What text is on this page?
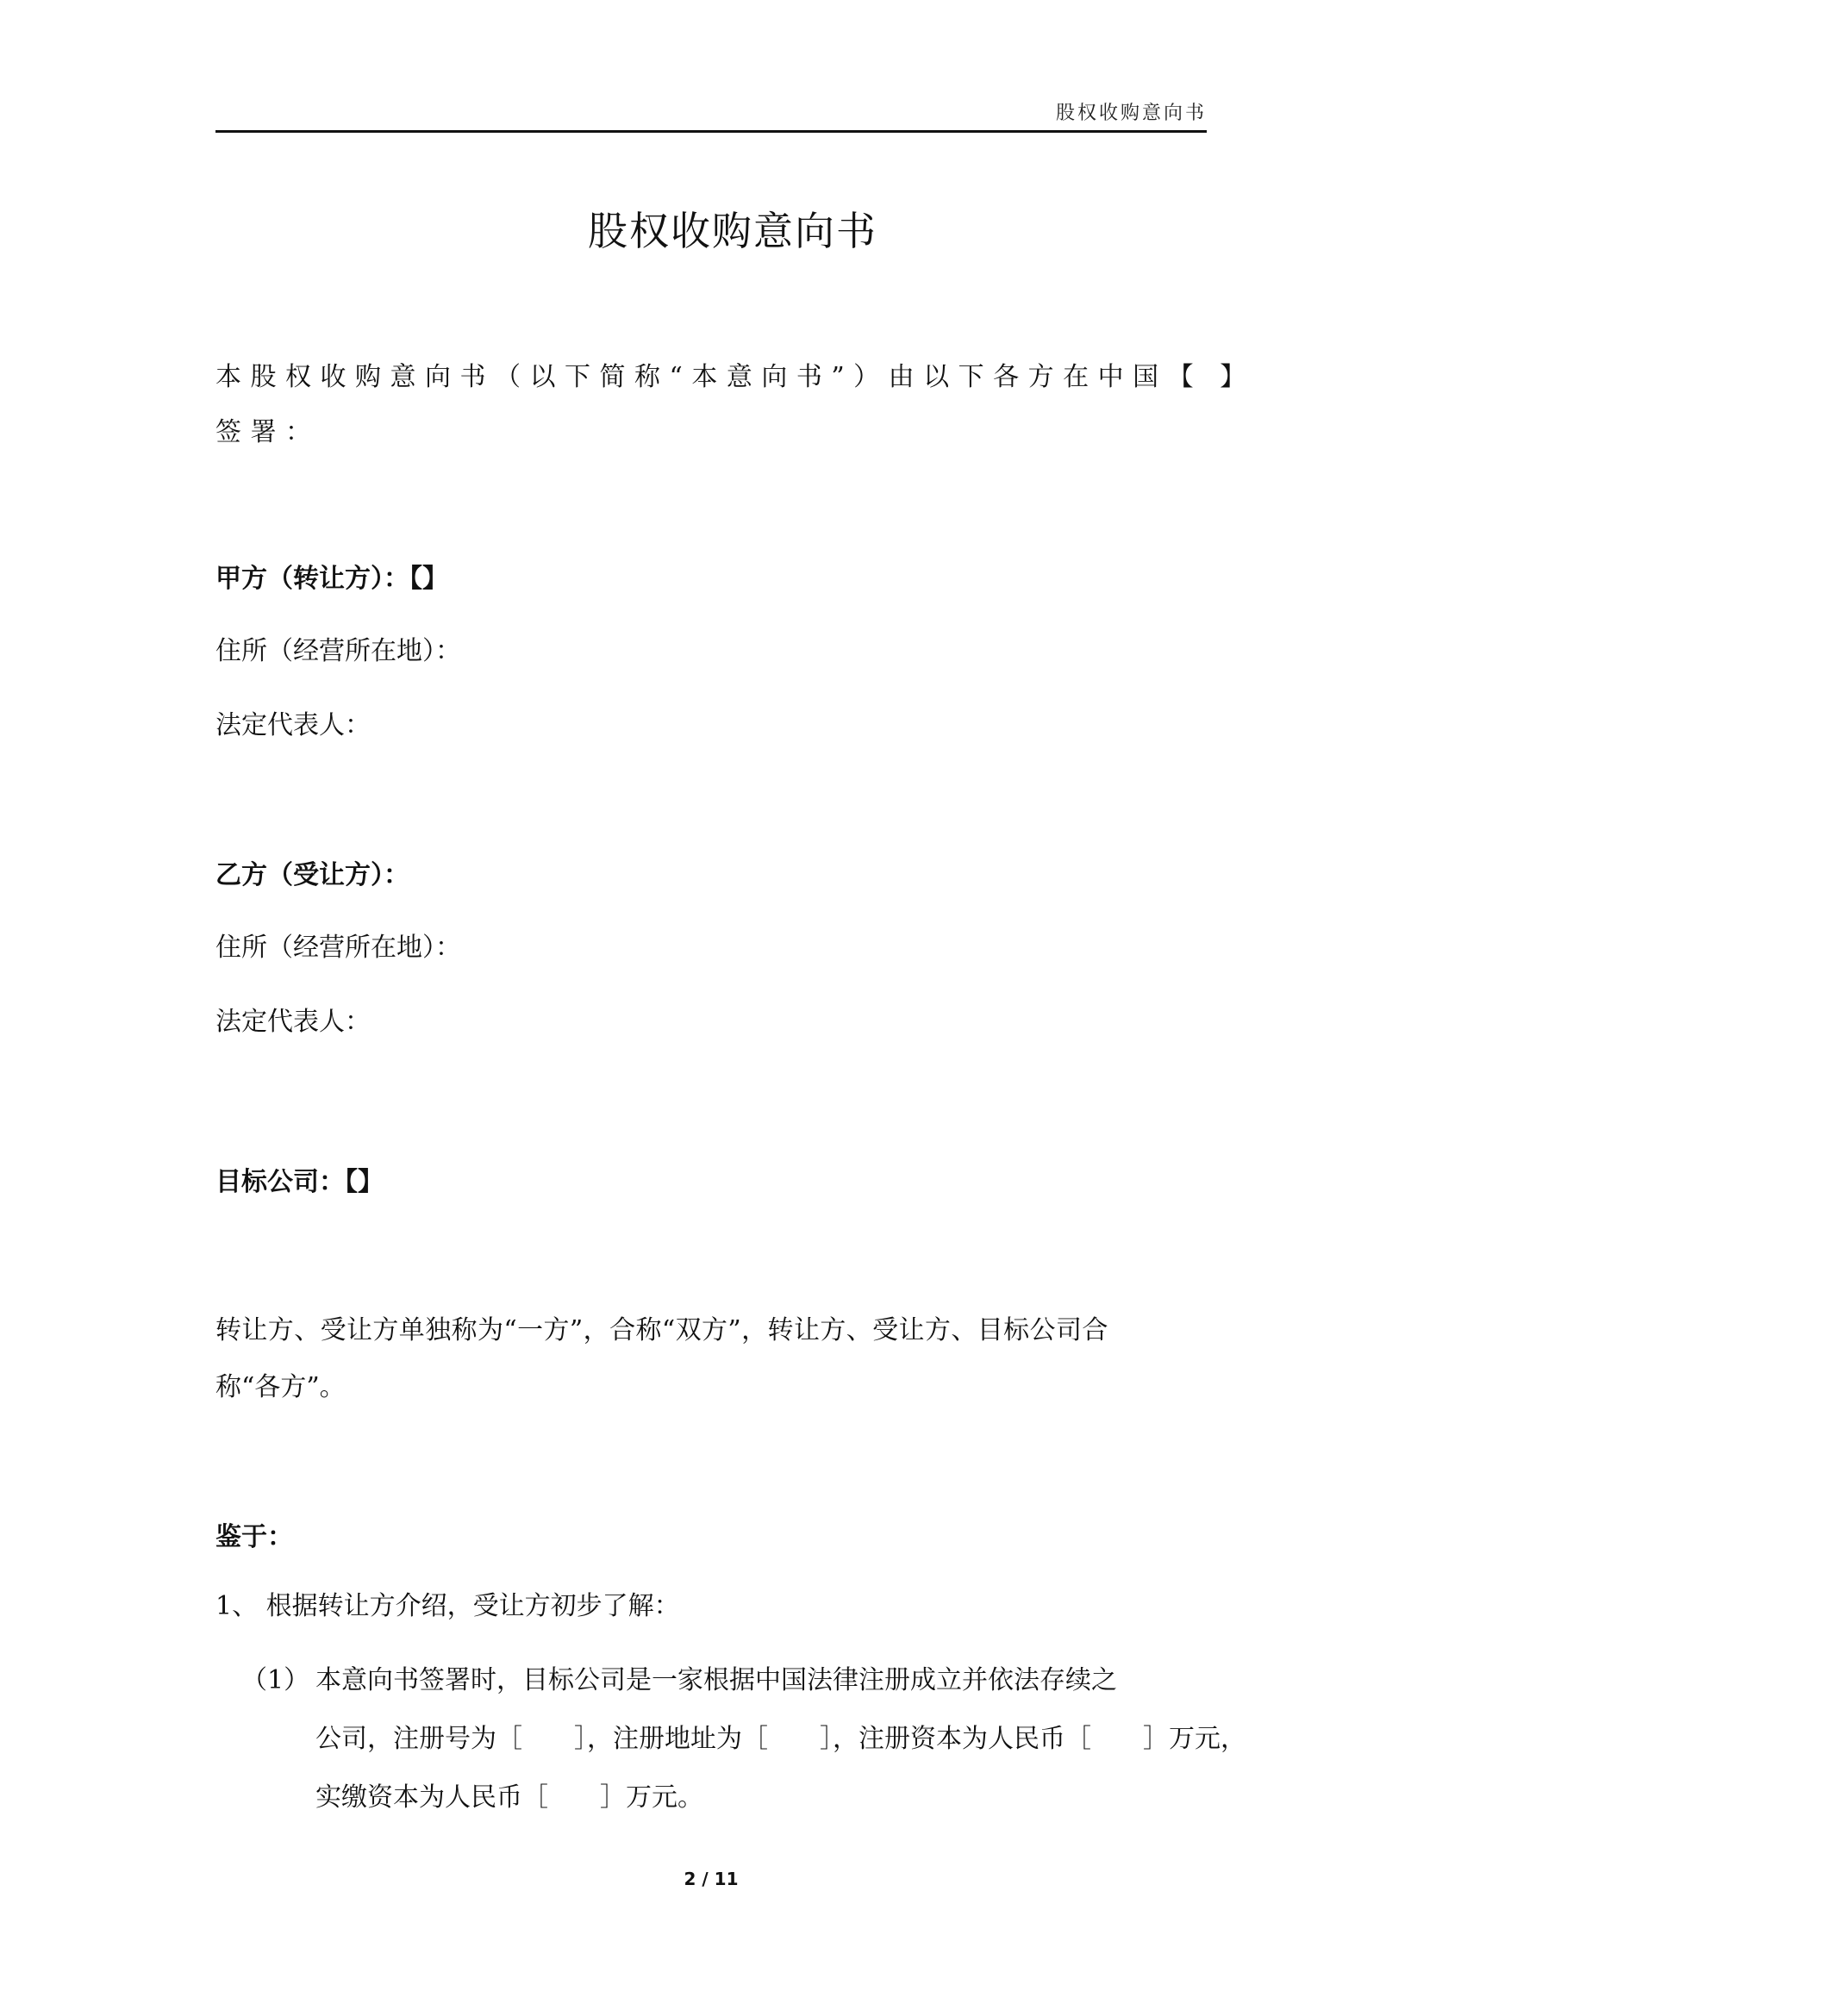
股权收购意向书
股权收购意向书
本股权收购意向书（以下简称“本意向书”）由以下各方在中国【 】
签署：
甲方（转让方）：【】
住所（经营所在地）：
法定代表人：
乙方（受让方）：
住所（经营所在地）：
法定代表人：
目标公司：【】
转让方、受让方单独称为“一方”，合称“双方”，转让方、受让方、目标公司合
称“各方”。
鉴于：
1、 根据转让方介绍，受让方初步了解：
（1） 本意向书签署时，目标公司是一家根据中国法律注册成立并依法存续之
公司，注册号为［　　］，注册地址为［　　］，注册资本为人民币［　　］万元，
实缴资本为人民币［　　］万元。
2 / 11
